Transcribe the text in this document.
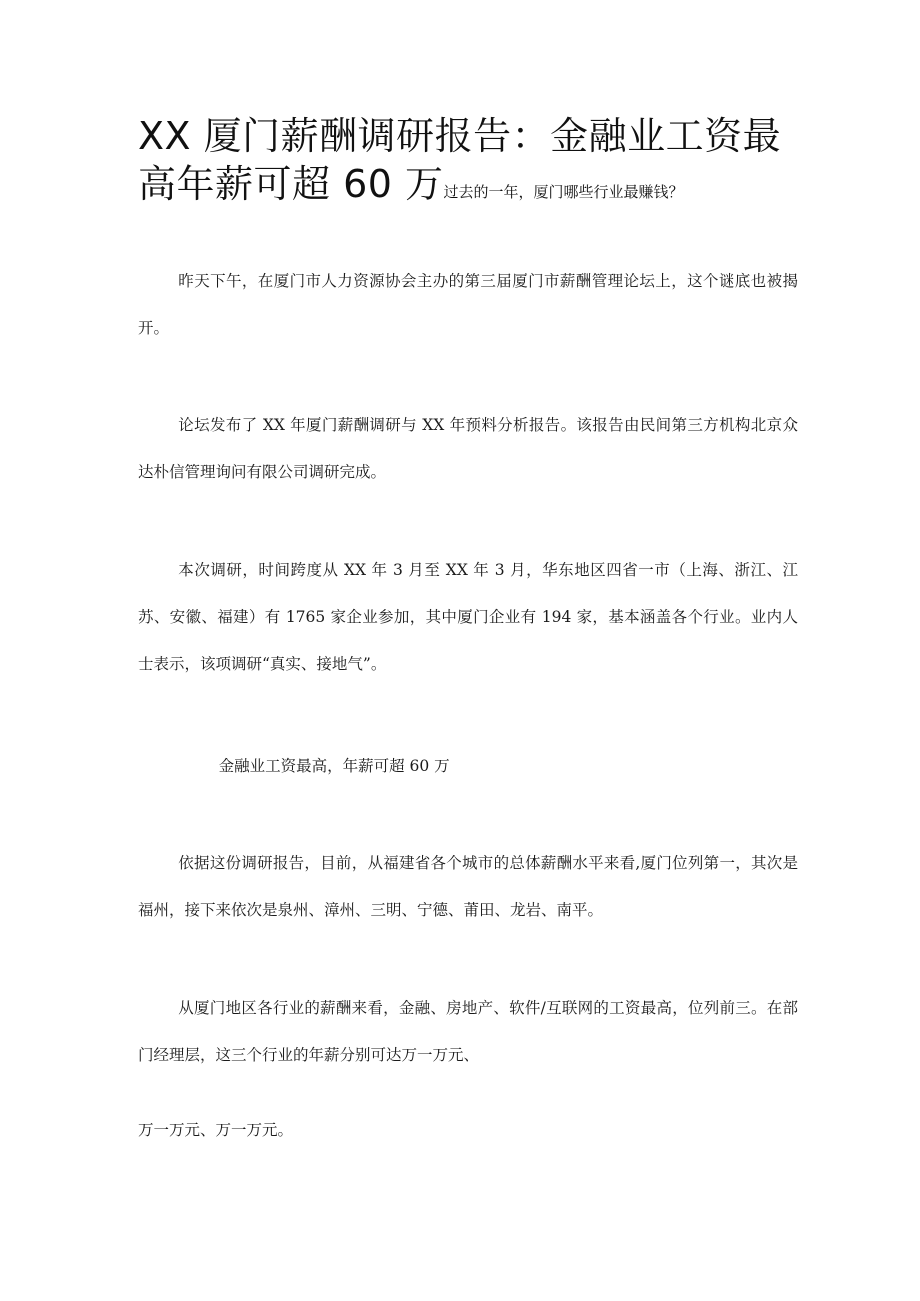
XX 厦门薪酬调研报告：金融业工资最高年薪可超 60 万过去的一年，厦门哪些行业最赚钱？

昨天下午，在厦门市人力资源协会主办的第三届厦门市薪酬管理论坛上，这个谜底也被揭开。

论坛发布了 XX 年厦门薪酬调研与 XX 年预料分析报告。该报告由民间第三方机构北京众达朴信管理询问有限公司调研完成。

本次调研，时间跨度从 XX 年 3 月至 XX 年 3 月，华东地区四省一市（上海、浙江、江苏、安徽、福建）有 1765 家企业参加，其中厦门企业有 194 家，基本涵盖各个行业。业内人士表示，该项调研“真实、接地气”。

金融业工资最高，年薪可超 60 万

依据这份调研报告，目前，从福建省各个城市的总体薪酬水平来看,厦门位列第一，其次是福州，接下来依次是泉州、漳州、三明、宁德、莆田、龙岩、南平。

从厦门地区各行业的薪酬来看，金融、房地产、软件/互联网的工资最高，位列前三。在部门经理层，这三个行业的年薪分别可达万一万元、

万一万元、万一万元。
